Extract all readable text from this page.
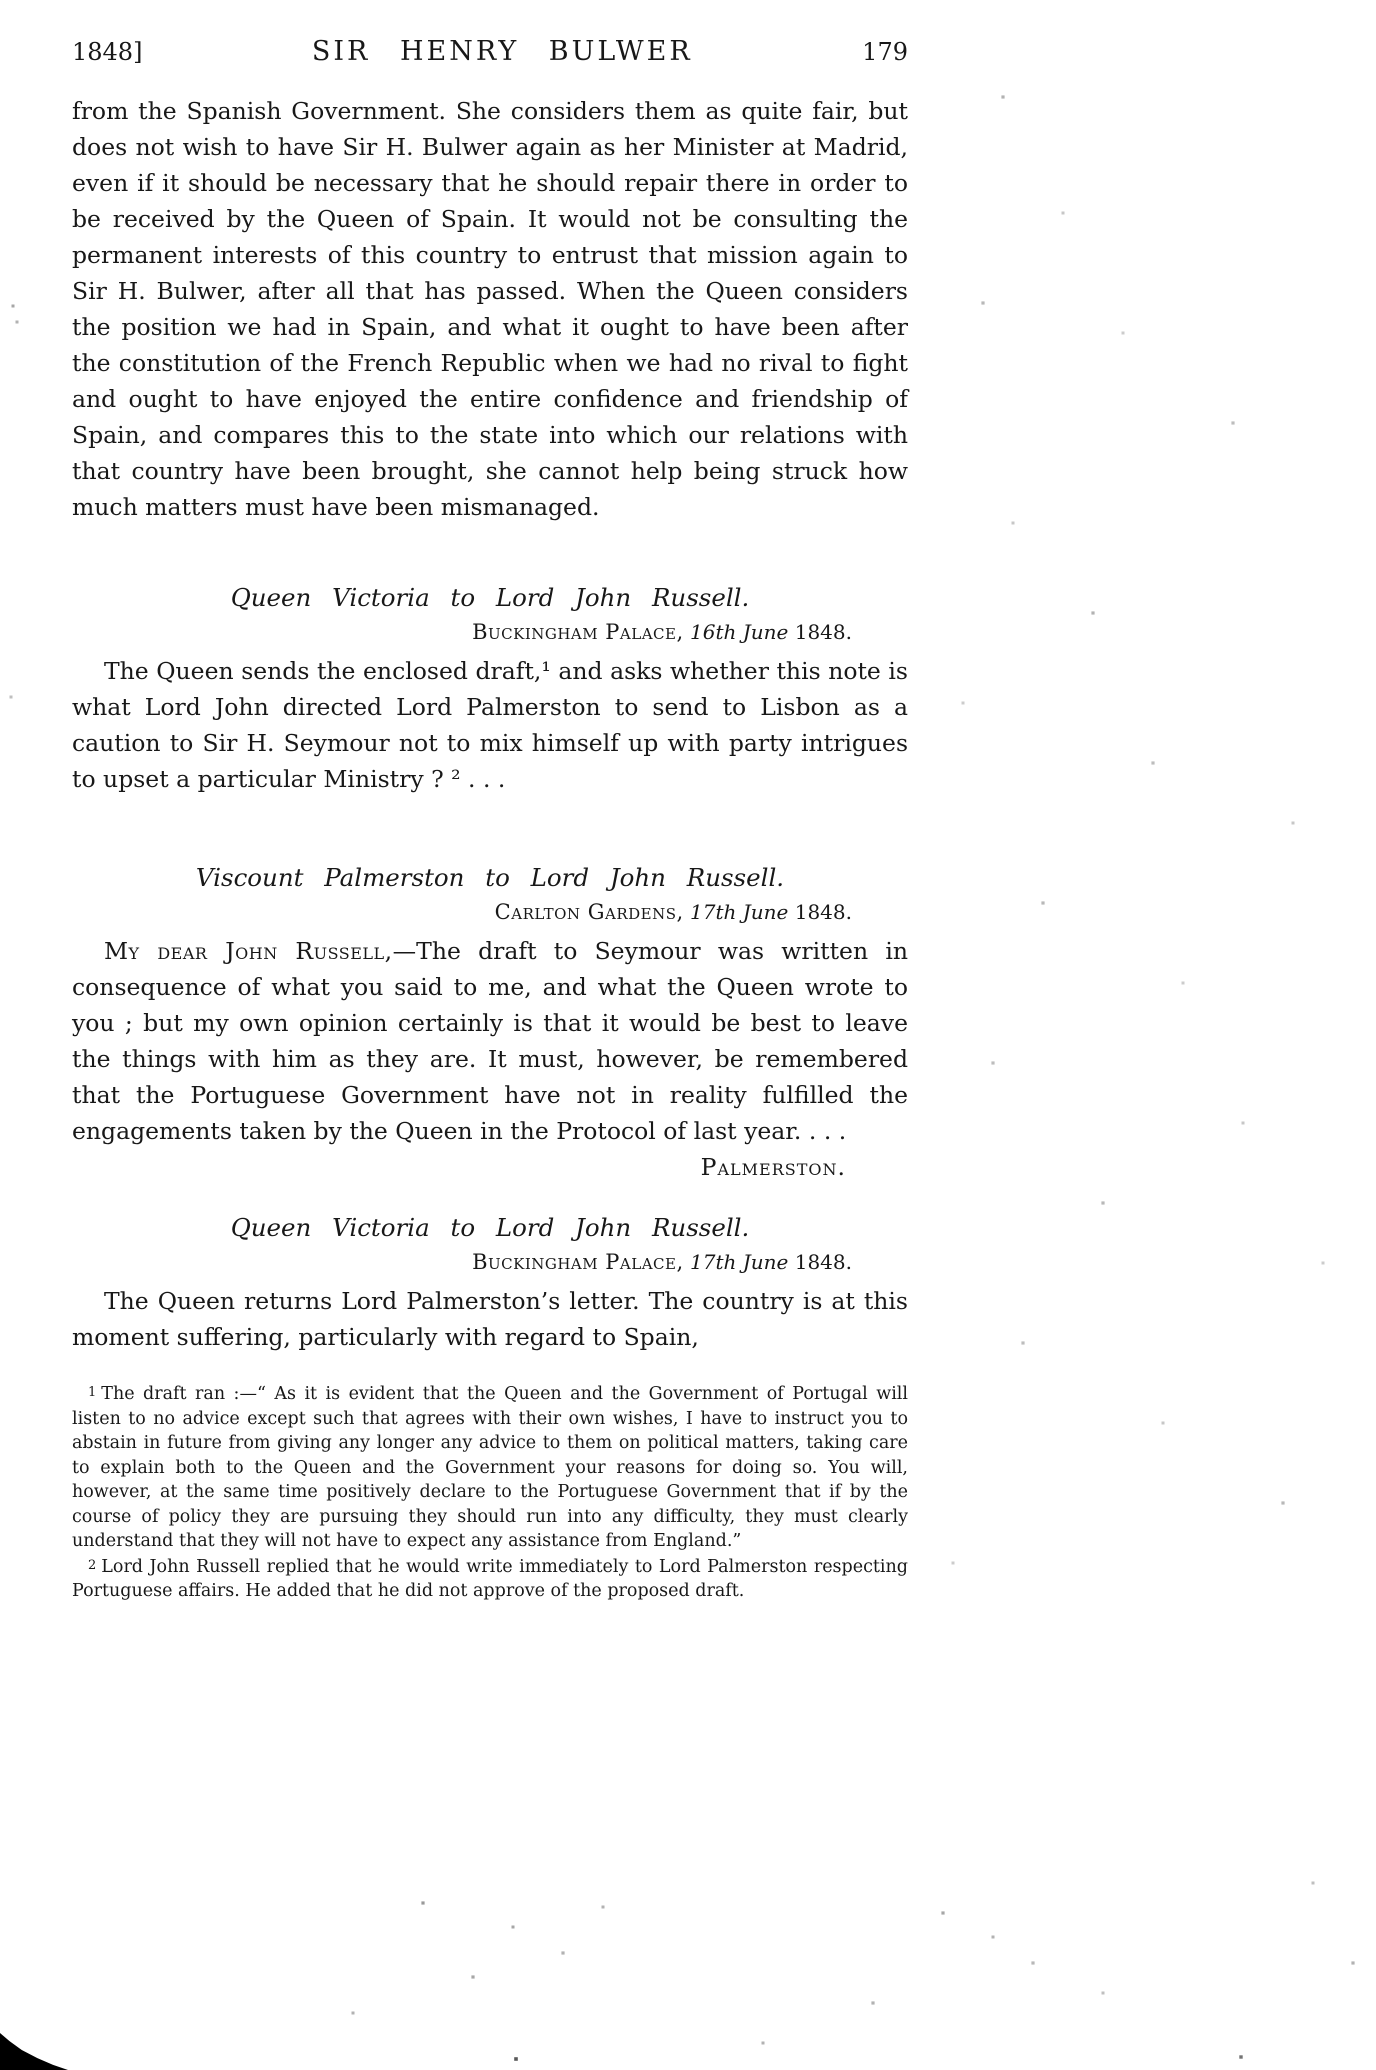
1848]	SIR HENRY BULWER	179

from the Spanish Government. She considers them as quite fair, but does not wish to have Sir H. Bulwer again as her Minister at Madrid, even if it should be necessary that he should repair there in order to be received by the Queen of Spain. It would not be consulting the permanent interests of this country to entrust that mission again to Sir H. Bulwer, after all that has passed. When the Queen considers the position we had in Spain, and what it ought to have been after the constitution of the French Republic when we had no rival to fight and ought to have enjoyed the entire confidence and friendship of Spain, and compares this to the state into which our relations with that country have been brought, she cannot help being struck how much matters must have been mismanaged.

Queen Victoria to Lord John Russell.

Buckingham Palace, 16th June 1848.

The Queen sends the enclosed draft,¹ and asks whether this note is what Lord John directed Lord Palmerston to send to Lisbon as a caution to Sir H. Seymour not to mix himself up with party intrigues to upset a particular Ministry ? ² . . .

Viscount Palmerston to Lord John Russell.

Carlton Gardens, 17th June 1848.

My dear John Russell,—The draft to Seymour was written in consequence of what you said to me, and what the Queen wrote to you ; but my own opinion certainly is that it would be best to leave the things with him as they are. It must, however, be remembered that the Portuguese Government have not in reality fulfilled the engagements taken by the Queen in the Protocol of last year. . . .
Palmerston.

Queen Victoria to Lord John Russell.

Buckingham Palace, 17th June 1848.

The Queen returns Lord Palmerston’s letter. The country is at this moment suffering, particularly with regard to Spain,

1 The draft ran :—“ As it is evident that the Queen and the Government of Portugal will listen to no advice except such that agrees with their own wishes, I have to instruct you to abstain in future from giving any longer any advice to them on political matters, taking care to explain both to the Queen and the Government your reasons for doing so. You will, however, at the same time positively declare to the Portuguese Government that if by the course of policy they are pursuing they should run into any difficulty, they must clearly understand that they will not have to expect any assistance from England.”

2 Lord John Russell replied that he would write immediately to Lord Palmerston respecting Portuguese affairs. He added that he did not approve of the proposed draft.
